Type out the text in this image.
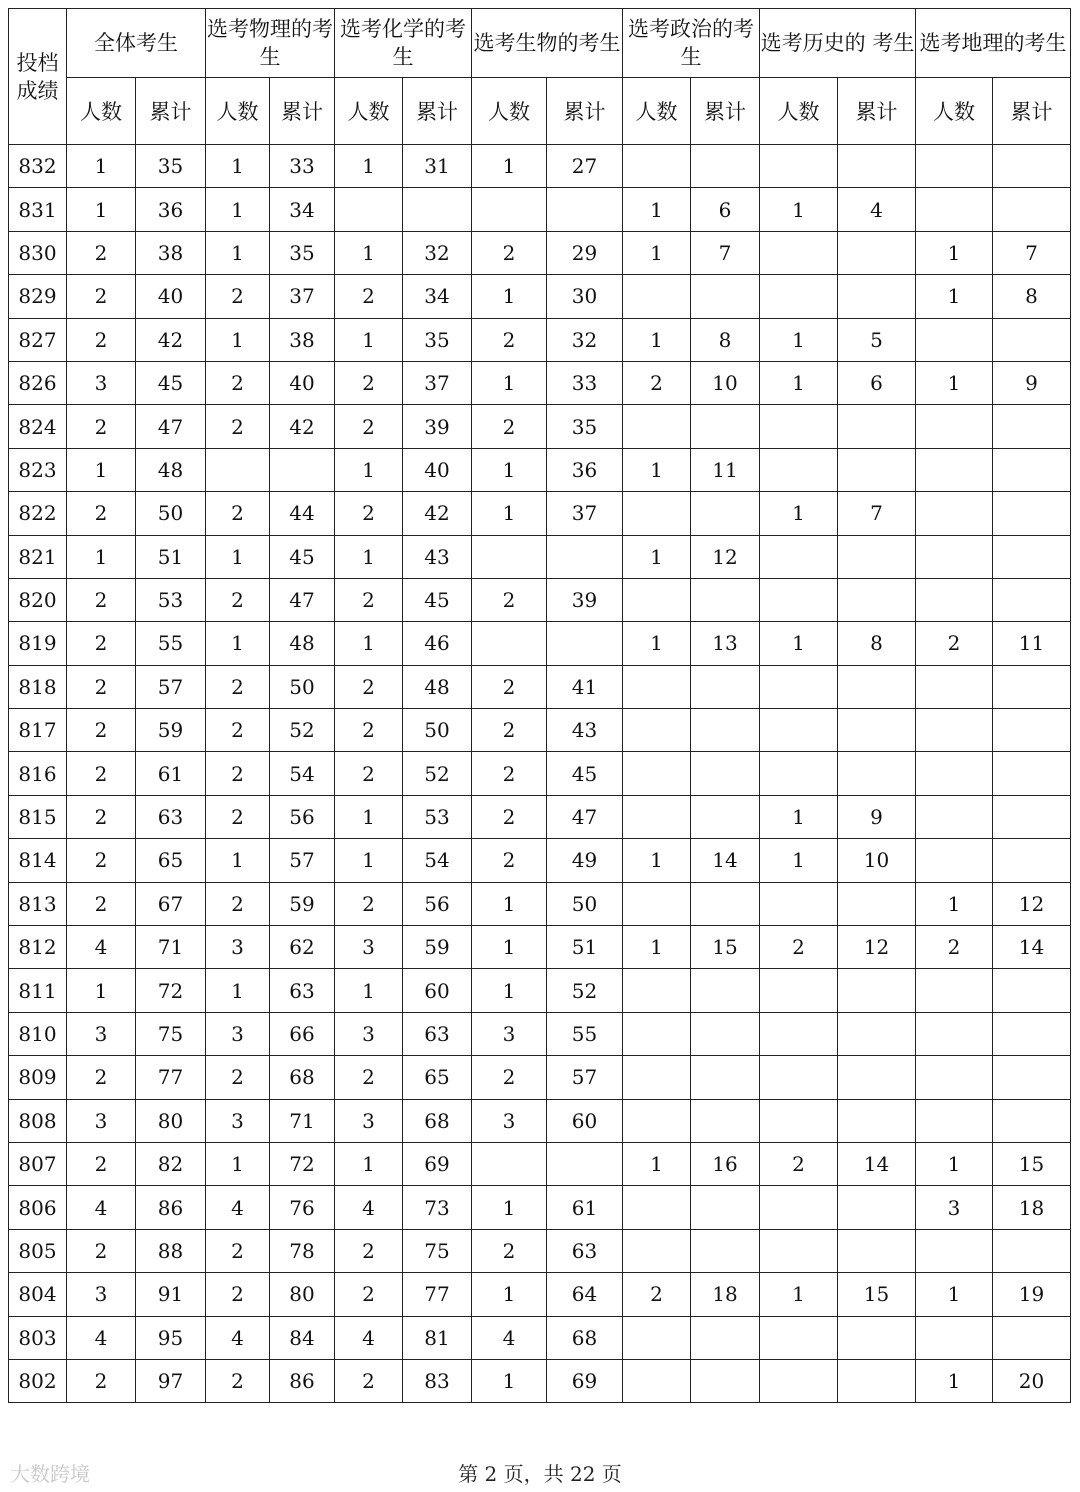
投档成绩	全体考生		选考物理的考生		选考化学的考生		选考生物的考生		选考政治的考生		选考历史的 考生		选考地理的考生	
	人数	累计	人数	累计	人数	累计	人数	累计	人数	累计	人数	累计	人数	累计
832	1	35	1	33	1	31	1	27						
831	1	36	1	34					1	6	1	4		
830	2	38	1	35	1	32	2	29	1	7			1	7
829	2	40	2	37	2	34	1	30					1	8
827	2	42	1	38	1	35	2	32	1	8	1	5		
826	3	45	2	40	2	37	1	33	2	10	1	6	1	9
824	2	47	2	42	2	39	2	35						
823	1	48			1	40	1	36	1	11				
822	2	50	2	44	2	42	1	37			1	7		
821	1	51	1	45	1	43			1	12				
820	2	53	2	47	2	45	2	39						
819	2	55	1	48	1	46			1	13	1	8	2	11
818	2	57	2	50	2	48	2	41						
817	2	59	2	52	2	50	2	43						
816	2	61	2	54	2	52	2	45						
815	2	63	2	56	1	53	2	47			1	9		
814	2	65	1	57	1	54	2	49	1	14	1	10		
813	2	67	2	59	2	56	1	50					1	12
812	4	71	3	62	3	59	1	51	1	15	2	12	2	14
811	1	72	1	63	1	60	1	52						
810	3	75	3	66	3	63	3	55						
809	2	77	2	68	2	65	2	57						
808	3	80	3	71	3	68	3	60						
807	2	82	1	72	1	69			1	16	2	14	1	15
806	4	86	4	76	4	73	1	61					3	18
805	2	88	2	78	2	75	2	63						
804	3	91	2	80	2	77	1	64	2	18	1	15	1	19
803	4	95	4	84	4	81	4	68						
802	2	97	2	86	2	83	1	69					1	20
大数跨境	第 2 页，共 22 页
